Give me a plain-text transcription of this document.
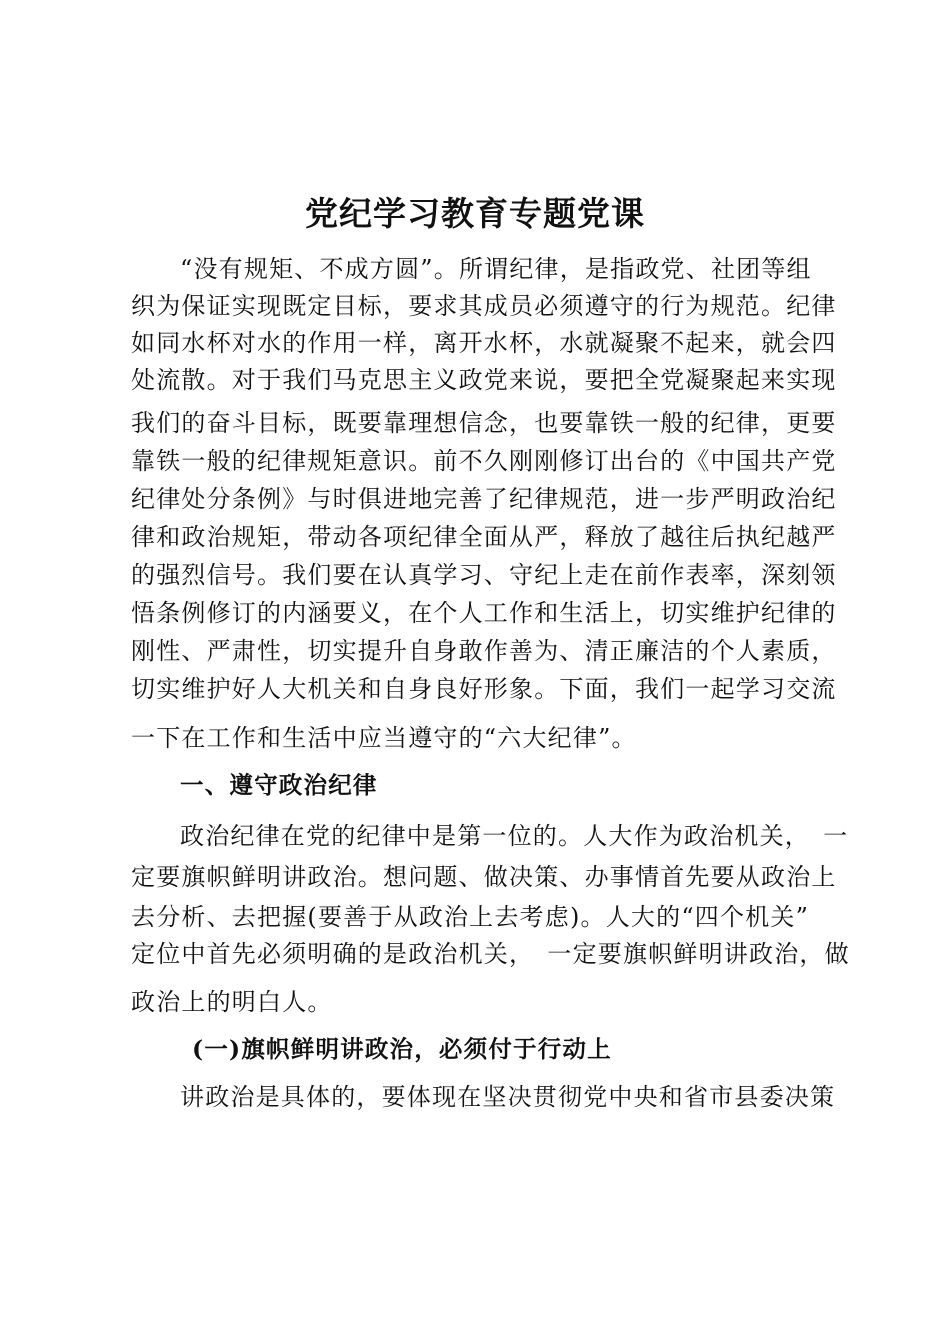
党纪学习教育专题党课
“没有规矩、不成方圆”。所谓纪律，是指政党、社团等组
织为保证实现既定目标，要求其成员必须遵守的行为规范。纪律
如同水杯对水的作用一样，离开水杯，水就凝聚不起来，就会四
处流散。对于我们马克思主义政党来说，要把全党凝聚起来实现
我们的奋斗目标，既要靠理想信念，也要靠铁一般的纪律，更要
靠铁一般的纪律规矩意识。前不久刚刚修订出台的《中国共产党
纪律处分条例》与时俱进地完善了纪律规范，进一步严明政治纪
律和政治规矩，带动各项纪律全面从严，释放了越往后执纪越严
的强烈信号。我们要在认真学习、守纪上走在前作表率，深刻领
悟条例修订的内涵要义，在个人工作和生活上，切实维护纪律的
刚性、严肃性，切实提升自身敢作善为、清正廉洁的个人素质，
切实维护好人大机关和自身良好形象。下面，我们一起学习交流
一下在工作和生活中应当遵守的“六大纪律”。
一、遵守政治纪律
政治纪律在党的纪律中是第一位的。人大作为政治机关，　一
定要旗帜鲜明讲政治。想问题、做决策、办事情首先要从政治上
去分析、去把握(要善于从政治上去考虑)。人大的“四个机关”
定位中首先必须明确的是政治机关，　一定要旗帜鲜明讲政治，做
政治上的明白人。
(一)旗帜鲜明讲政治，必须付于行动上
讲政治是具体的，要体现在坚决贯彻党中央和省市县委决策
